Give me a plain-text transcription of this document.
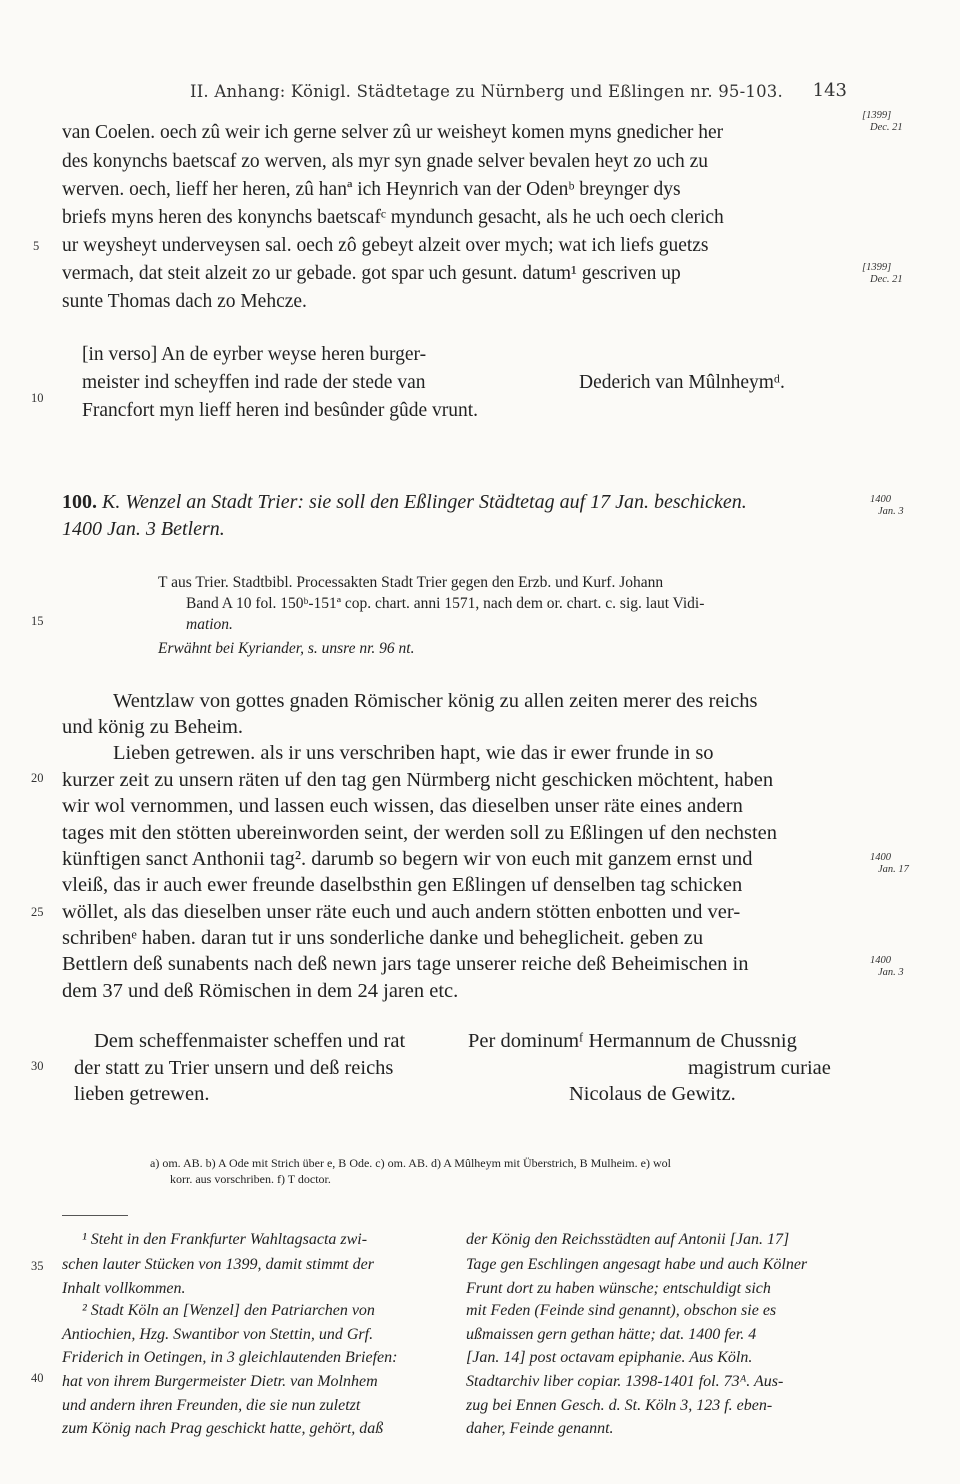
II. Anhang: Königl. Städtetage zu Nürnberg und Eßlingen nr. 95-103. 143
5
10
15
20
25
30
35
40
[1399]
Dec. 21
[1399]
Dec. 21
1400
Jan. 3
1400
Jan. 17
1400
Jan. 3
van Coelen. oech zû weir ich gerne selver zû ur weisheyt komen myns gnedicher her
des konynchs baetscaf zo werven, als myr syn gnade selver bevalen heyt zo uch zu
werven. oech, lieff her heren, zû hanª ich Heynrich van der Odenᵇ breynger dys
briefs myns heren des konynchs baetscafᶜ myndunch gesacht, als he uch oech clerich
ur weysheyt underveysen sal. oech zô gebeyt alzeit over mych; wat ich liefs guetzs
vermach, dat steit alzeit zo ur gebade. got spar uch gesunt. datum¹ gescriven up
sunte Thomas dach zo Mehcze.
[in verso] An de eyrber weyse heren burger-
meister ind scheyffen ind rade der stede van
Francfort myn lieff heren ind besûnder gûde vrunt.
Dederich van Mûlnheymᵈ.
100. K. Wenzel an Stadt Trier: sie soll den Eßlinger Städtetag auf 17 Jan. beschicken.
1400 Jan. 3 Betlern.
T aus Trier. Stadtbibl. Processakten Stadt Trier gegen den Erzb. und Kurf. Johann
Band A 10 fol. 150ᵇ-151ª cop. chart. anni 1571, nach dem or. chart. c. sig. laut Vidi-
mation.
Erwähnt bei Kyriander, s. unsre nr. 96 nt.
Wentzlaw von gottes gnaden Römischer könig zu allen zeiten merer des reichs
und könig zu Beheim.
Lieben getrewen. als ir uns verschriben hapt, wie das ir ewer frunde in so
kurzer zeit zu unsern räten uf den tag gen Nürmberg nicht geschicken möchtent, haben
wir wol vernommen, und lassen euch wissen, das dieselben unser räte eines andern
tages mit den stötten ubereinworden seint, der werden soll zu Eßlingen uf den nechsten
künftigen sanct Anthonii tag². darumb so begern wir von euch mit ganzem ernst und
vleiß, das ir auch ewer freunde daselbsthin gen Eßlingen uf denselben tag schicken
wöllet, als das dieselben unser räte euch und auch andern stötten enbotten und ver-
schribenᵉ haben. daran tut ir uns sonderliche danke und beheglicheit. geben zu
Bettlern deß sunabents nach deß newn jars tage unserer reiche deß Beheimischen in
dem 37 und deß Römischen in dem 24 jaren etc.
Dem scheffenmaister scheffen und rat
der statt zu Trier unsern und deß reichs
lieben getrewen.
Per dominumᶠ Hermannum de Chussnig
magistrum curiae
Nicolaus de Gewitz.
a) om. AB. b) A Ode mit Strich über e, B Ode. c) om. AB. d) A Mûlheym mit Überstrich, B Mulheim. e) wol
korr. aus vorschriben. f) T doctor.
¹ Steht in den Frankfurter Wahltagsacta zwi-
schen lauter Stücken von 1399, damit stimmt der
Inhalt vollkommen.
² Stadt Köln an [Wenzel] den Patriarchen von
Antiochien, Hzg. Swantibor von Stettin, und Grf.
Friderich in Oetingen, in 3 gleichlautenden Briefen:
hat von ihrem Burgermeister Dietr. van Molnhem
und andern ihren Freunden, die sie nun zuletzt
zum König nach Prag geschickt hatte, gehört, daß
der König den Reichsstädten auf Antonii [Jan. 17]
Tage gen Eschlingen angesagt habe und auch Kölner
Frunt dort zu haben wünsche; entschuldigt sich
mit Feden (Feinde sind genannt), obschon sie es
ußmaissen gern gethan hätte; dat. 1400 fer. 4
[Jan. 14] post octavam epiphanie. Aus Köln.
Stadtarchiv liber copiar. 1398-1401 fol. 73ᴬ. Aus-
zug bei Ennen Gesch. d. St. Köln 3, 123 f. eben-
daher, Feinde genannt.
